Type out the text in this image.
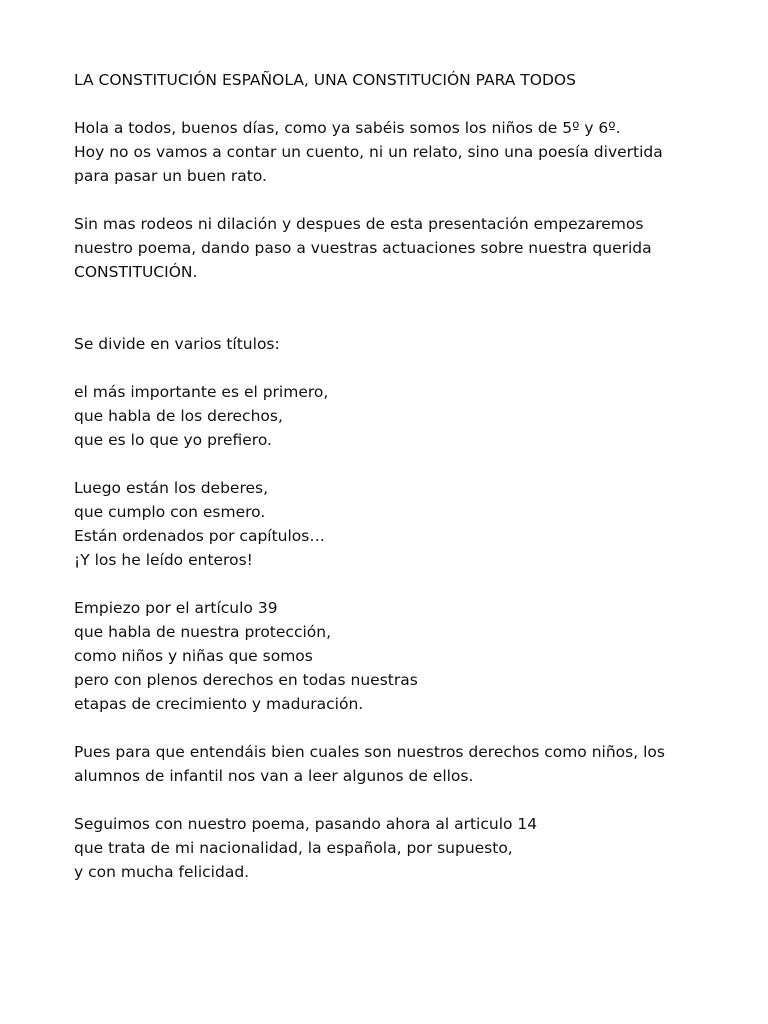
LA CONSTITUCIÓN ESPAÑOLA, UNA CONSTITUCIÓN PARA TODOS

Hola a todos, buenos días, como ya sabéis somos los niños de 5º y 6º.
Hoy no os vamos a contar un cuento, ni un relato, sino una poesía divertida
para pasar un buen rato.

Sin mas rodeos ni dilación y despues de esta presentación empezaremos
nuestro poema, dando paso a vuestras actuaciones sobre nuestra querida
CONSTITUCIÓN.

Se divide en varios títulos:

el más importante es el primero,
que habla de los derechos,
que es lo que yo prefiero.

Luego están los deberes,
que cumplo con esmero.
Están ordenados por capítulos…
¡Y los he leído enteros!

Empiezo por el artículo 39
que habla de nuestra protección,
como niños y niñas que somos
pero con plenos derechos en todas nuestras
etapas de crecimiento y maduración.

Pues para que entendáis bien cuales son nuestros derechos como niños, los
alumnos de infantil nos van a leer algunos de ellos.

Seguimos con nuestro poema, pasando ahora al articulo 14
que trata de mi nacionalidad, la española, por supuesto,
y con mucha felicidad.
